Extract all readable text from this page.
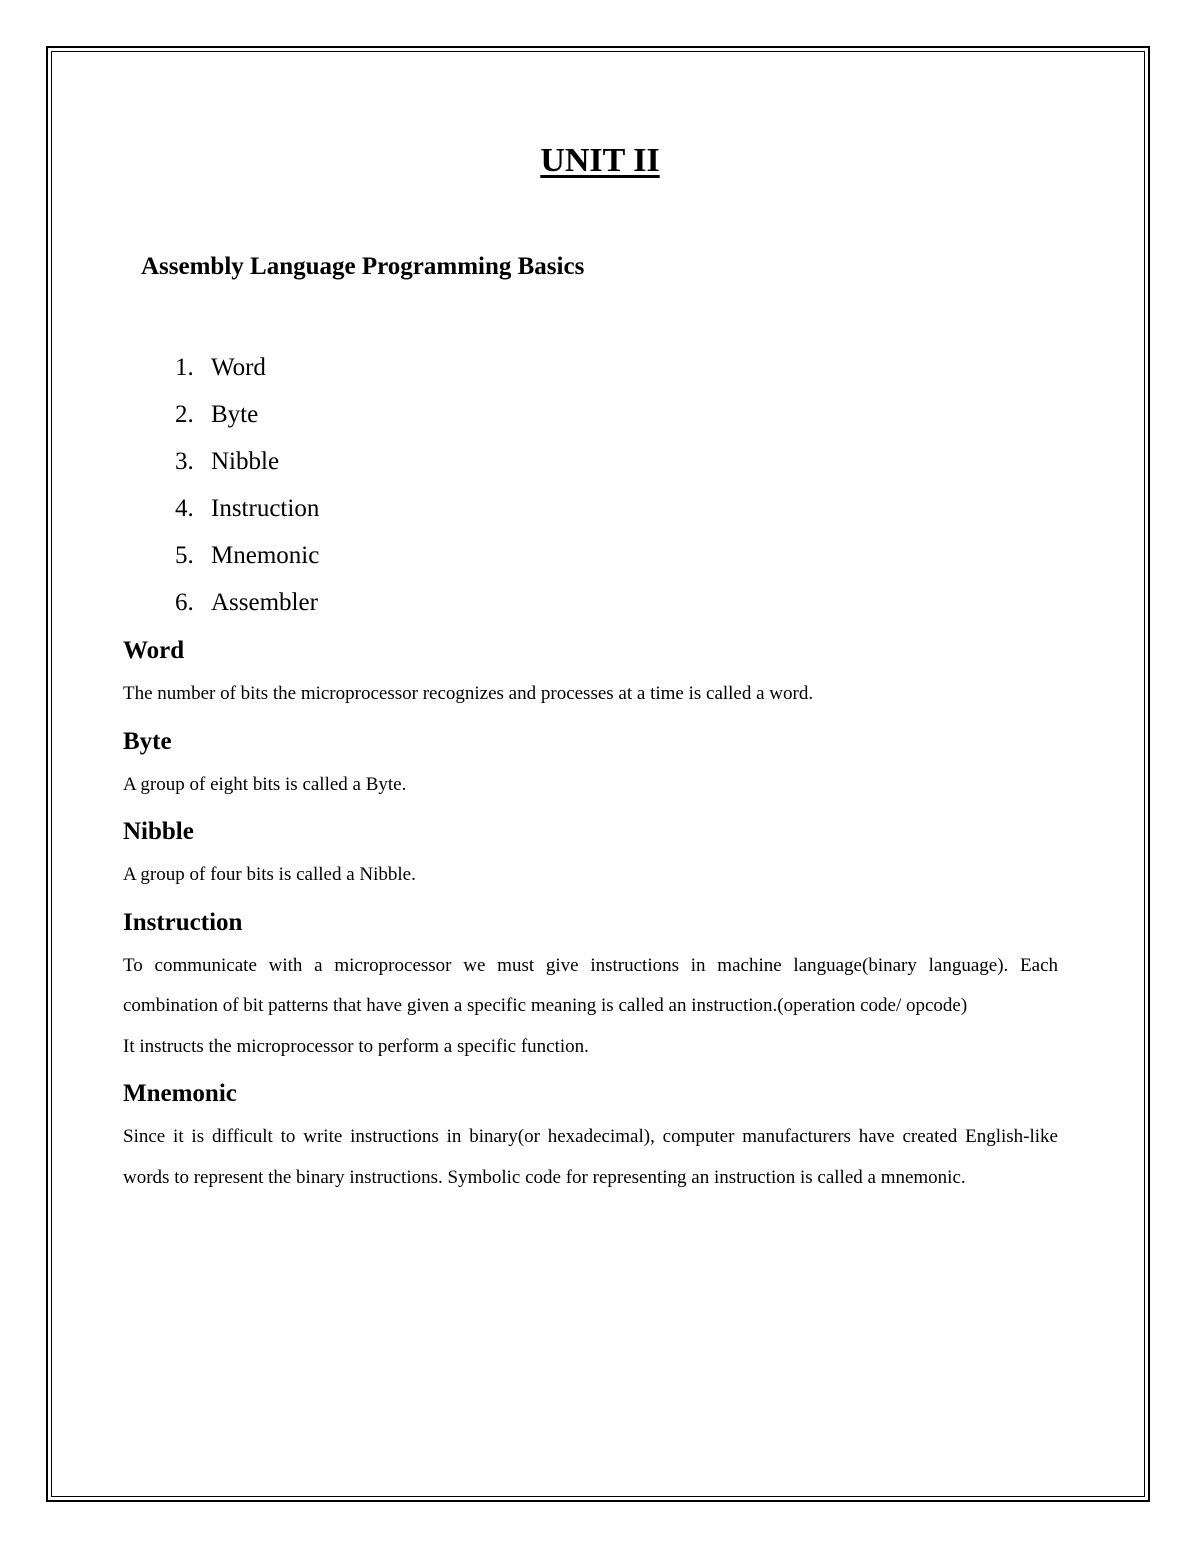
UNIT II
Assembly Language Programming Basics
1. Word
2. Byte
3. Nibble
4. Instruction
5. Mnemonic
6. Assembler
Word

The number of bits the microprocessor recognizes and processes at a time is called a word.

Byte

A group of eight bits is called a Byte.

Nibble

A group of four bits is called a Nibble.

Instruction

To communicate with a microprocessor we must give instructions in machine language(binary language). Each combination of bit patterns that have given a specific meaning is called an instruction.(operation code/ opcode)

It instructs the microprocessor to perform a specific function.

Mnemonic

Since it is difficult to write instructions in binary(or hexadecimal), computer manufacturers have created English-like words to represent the binary instructions. Symbolic code for representing an instruction is called a mnemonic.
